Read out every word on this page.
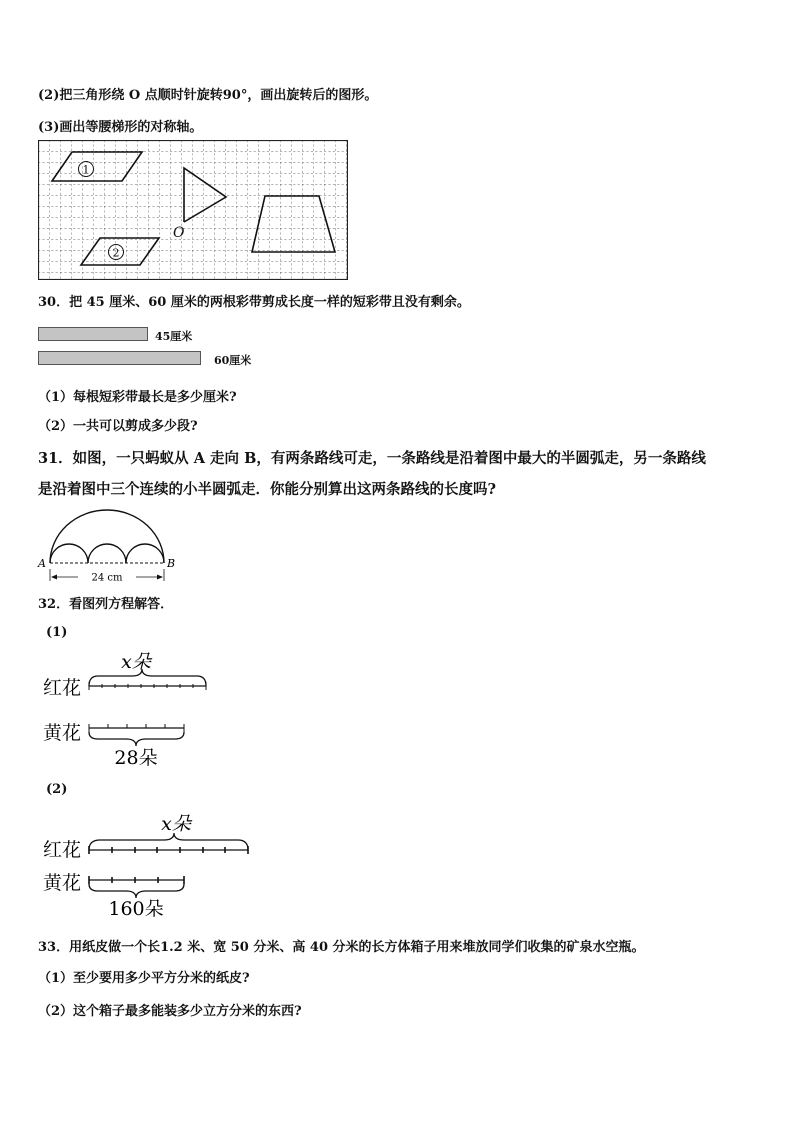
(2)把三角形绕 O 点顺时针旋转90°，画出旋转后的图形。
(3)画出等腰梯形的对称轴。
1
2
O
30．把 45 厘米、60 厘米的两根彩带剪成长度一样的短彩带且没有剩余。
45厘米
60厘米
（1）每根短彩带最长是多少厘米?
（2）一共可以剪成多少段?
31．如图，一只蚂蚁从 A 走向 B，有两条路线可走，一条路线是沿着图中最大的半圆弧走，另一条路线
是沿着图中三个连续的小半圆弧走．你能分别算出这两条路线的长度吗?
A	B
24 cm
32．看图列方程解答．
(1)
红花
x朵
黄花
28朵
(2)
红花
x朵
黄花
160朵
33．用纸皮做一个长1.2 米、宽 50 分米、高 40 分米的长方体箱子用来堆放同学们收集的矿泉水空瓶。
（1）至少要用多少平方分米的纸皮?
（2）这个箱子最多能装多少立方分米的东西?
